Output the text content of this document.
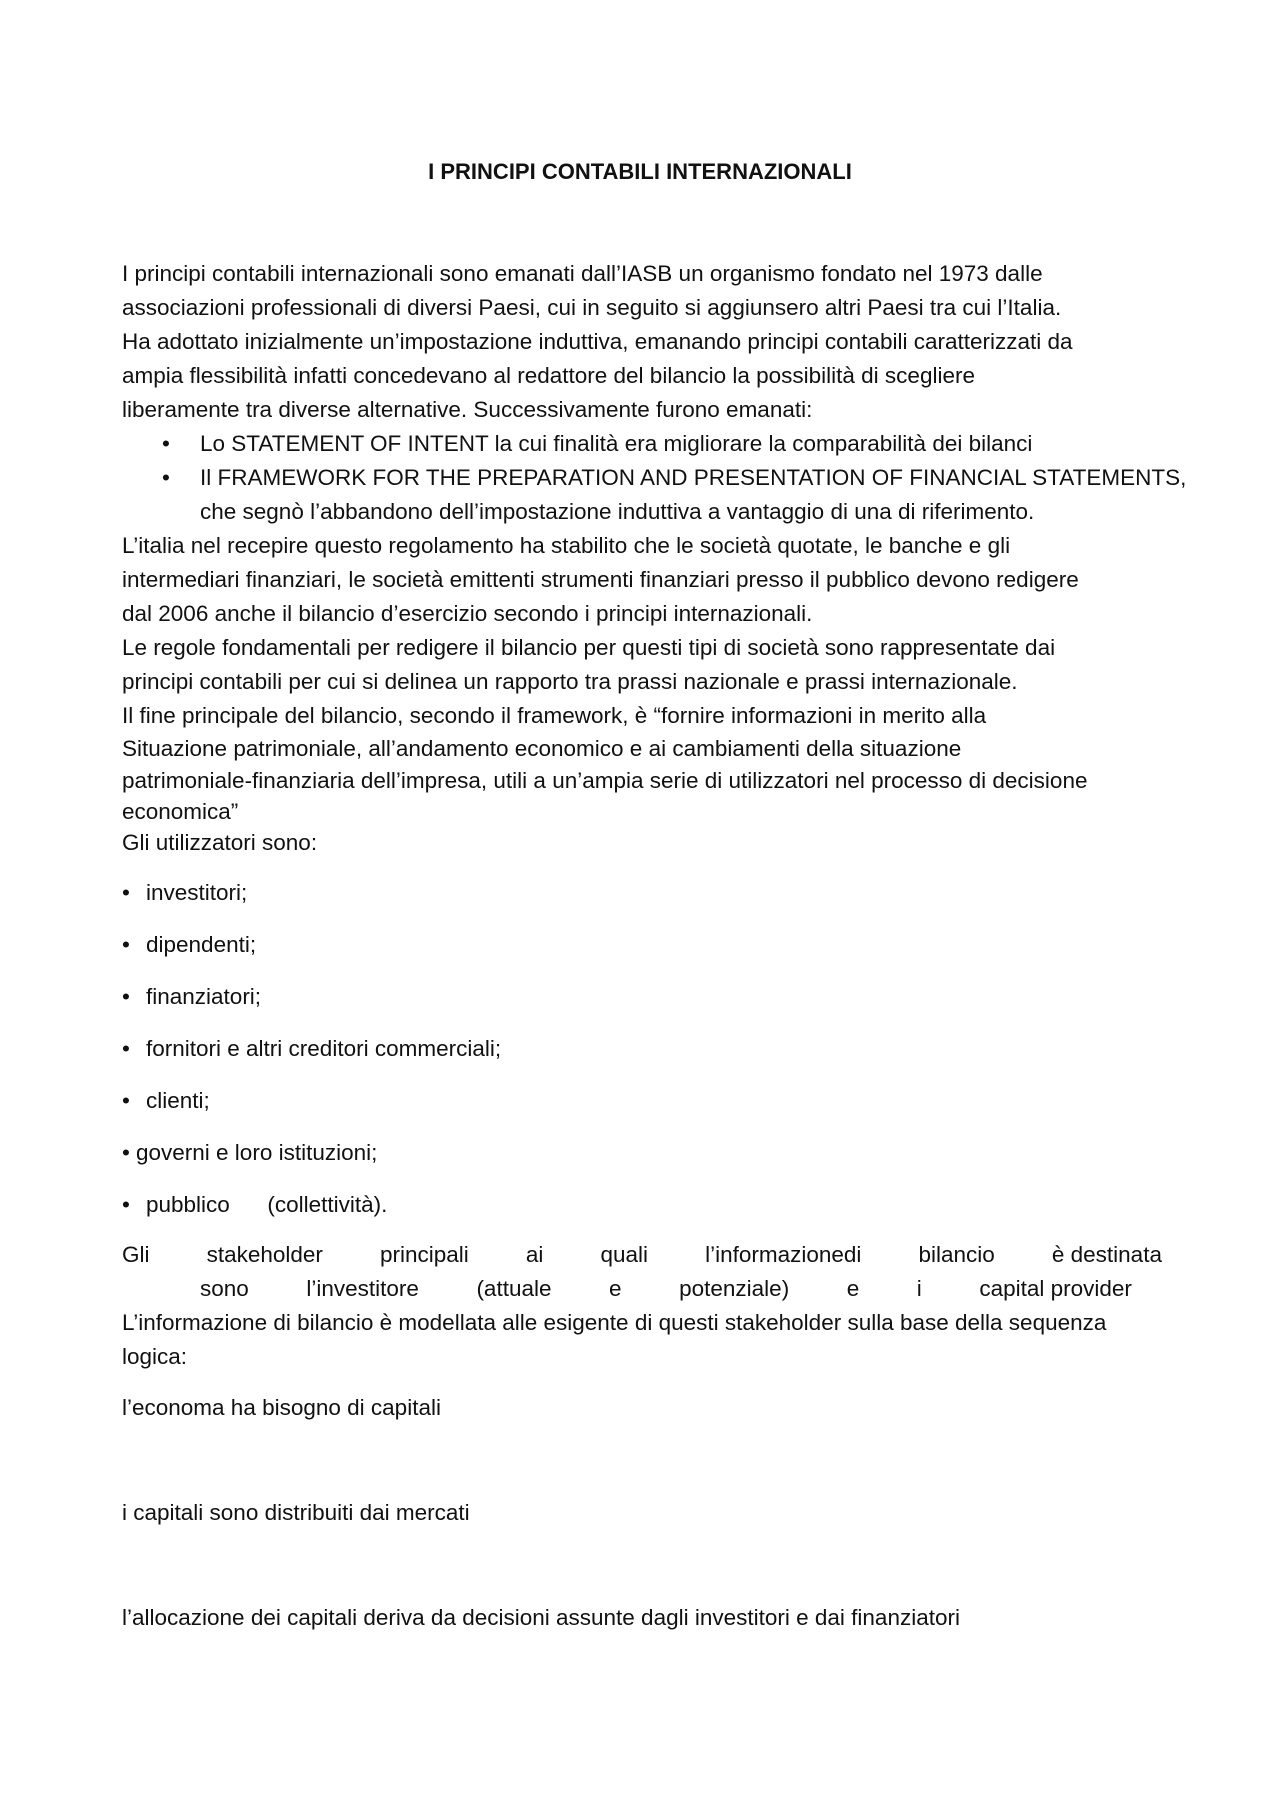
I PRINCIPI CONTABILI INTERNAZIONALI
I principi contabili internazionali sono emanati dall’IASB un organismo fondato nel 1973 dalle
associazioni professionali di diversi Paesi, cui in seguito si aggiunsero altri Paesi tra cui l’Italia.
Ha adottato inizialmente un’impostazione induttiva, emanando principi contabili caratterizzati da
ampia flessibilità infatti concedevano al redattore del bilancio la possibilità di scegliere
liberamente tra diverse alternative. Successivamente furono emanati:
• Lo STATEMENT OF INTENT la cui finalità era migliorare la comparabilità dei bilanci
• Il FRAMEWORK FOR THE PREPARATION AND PRESENTATION OF FINANCIAL STATEMENTS,
che segnò l’abbandono dell’impostazione induttiva a vantaggio di una di riferimento.
L’italia nel recepire questo regolamento ha stabilito che le società quotate, le banche e gli
intermediari finanziari, le società emittenti strumenti finanziari presso il pubblico devono redigere
dal 2006 anche il bilancio d’esercizio secondo i principi internazionali.
Le regole fondamentali per redigere il bilancio per questi tipi di società sono rappresentate dai
principi contabili per cui si delinea un rapporto tra prassi nazionale e prassi internazionale.
Il fine principale del bilancio, secondo il framework, è “fornire informazioni in merito alla
Situazione patrimoniale, all’andamento economico e ai cambiamenti della situazione
patrimoniale-finanziaria dell’impresa, utili a un’ampia serie di utilizzatori nel processo di decisione
economica”
Gli utilizzatori sono:
• investitori;
• dipendenti;
• finanziatori;
• fornitori e altri creditori commerciali;
• clienti;
• governi e loro istituzioni;
• pubblico      (collettività).
Gli	stakeholder	principali	ai	quali	l’informazionedi	bilancio	è destinata
sono	l’investitore	(attuale	e	potenziale)	e	i	capital provider
L’informazione di bilancio è modellata alle esigente di questi stakeholder sulla base della sequenza
logica:
l’economa ha bisogno di capitali
i capitali sono distribuiti dai mercati
l’allocazione dei capitali deriva da decisioni assunte dagli investitori e dai finanziatori
